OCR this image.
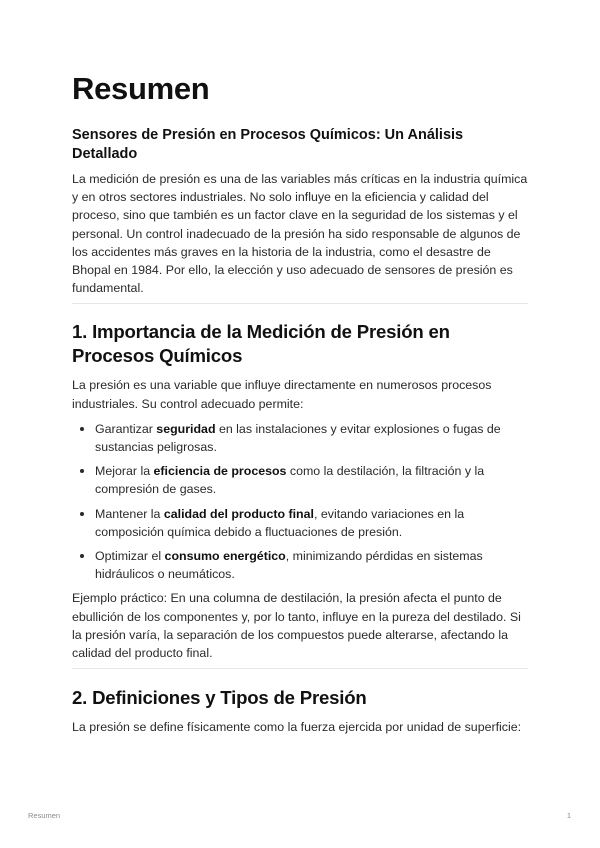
Resumen
Sensores de Presión en Procesos Químicos: Un Análisis Detallado

La medición de presión es una de las variables más críticas en la industria química y en otros sectores industriales. No solo influye en la eficiencia y calidad del proceso, sino que también es un factor clave en la seguridad de los sistemas y el personal. Un control inadecuado de la presión ha sido responsable de algunos de los accidentes más graves en la historia de la industria, como el desastre de Bhopal en 1984. Por ello, la elección y uso adecuado de sensores de presión es fundamental.

1. Importancia de la Medición de Presión en Procesos Químicos

La presión es una variable que influye directamente en numerosos procesos industriales. Su control adecuado permite:

Garantizar seguridad en las instalaciones y evitar explosiones o fugas de sustancias peligrosas.
Mejorar la eficiencia de procesos como la destilación, la filtración y la compresión de gases.
Mantener la calidad del producto final, evitando variaciones en la composición química debido a fluctuaciones de presión.
Optimizar el consumo energético, minimizando pérdidas en sistemas hidráulicos o neumáticos.

Ejemplo práctico: En una columna de destilación, la presión afecta el punto de ebullición de los componentes y, por lo tanto, influye en la pureza del destilado. Si la presión varía, la separación de los compuestos puede alterarse, afectando la calidad del producto final.

2. Definiciones y Tipos de Presión

La presión se define físicamente como la fuerza ejercida por unidad de superficie:

Resumen	1
